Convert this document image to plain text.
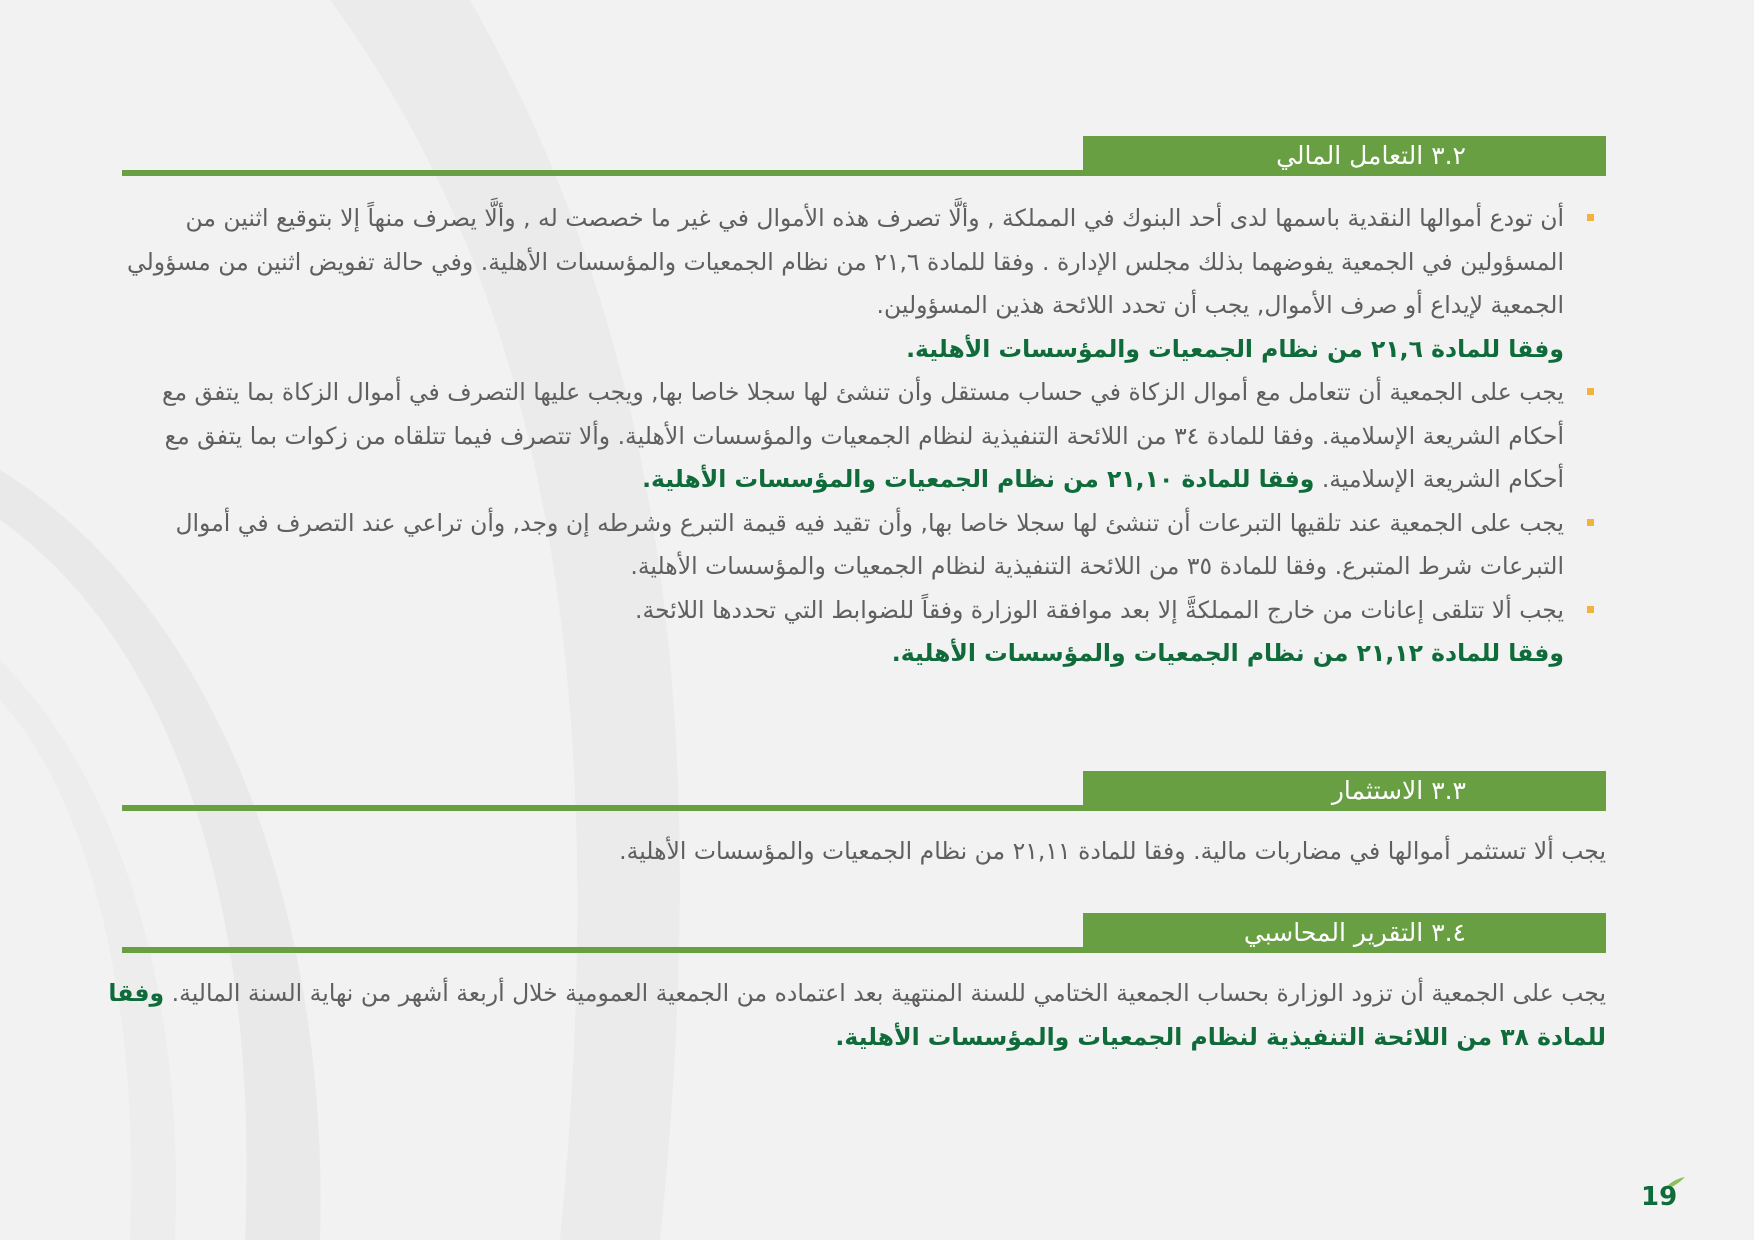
٣.٢ التعامل المالي
أن تودع أموالها النقدية باسمها لدى أحد البنوك في المملكة , وألَّا تصرف هذه الأموال في غير ما خصصت له , وألَّا يصرف منهاً إلا بتوقيع اثنين من المسؤولين في الجمعية يفوضهما بذلك مجلس الإدارة . وفقا للمادة ٢١,٦ من نظام الجمعيات والمؤسسات الأهلية. وفي حالة تفويض اثنين من مسؤولي الجمعية لإيداع أو صرف الأموال, يجب أن تحدد اللائحة هذين المسؤولين.
وفقا للمادة ٢١,٦ من نظام الجمعيات والمؤسسات الأهلية.
يجب على الجمعية أن تتعامل مع أموال الزكاة في حساب مستقل وأن تنشئ لها سجلا خاصا بها, ويجب عليها التصرف في أموال الزكاة بما يتفق مع أحكام الشريعة الإسلامية. وفقا للمادة ٣٤ من اللائحة التنفيذية لنظام الجمعيات والمؤسسات الأهلية. وألا تتصرف فيما تتلقاه من زكوات بما يتفق مع أحكام الشريعة الإسلامية. وفقا للمادة ٢١,١٠ من نظام الجمعيات والمؤسسات الأهلية.
يجب على الجمعية عند تلقيها التبرعات أن تنشئ لها سجلا خاصا بها, وأن تقيد فيه قيمة التبرع وشرطه إن وجد, وأن تراعي عند التصرف في أموال التبرعات شرط المتبرع. وفقا للمادة ٣٥ من اللائحة التنفيذية لنظام الجمعيات والمؤسسات الأهلية.
يجب ألا تتلقى إعانات من خارج المملكةَّ إلا بعد موافقة الوزارة وفقاً للضوابط التي تحددها اللائحة.
وفقا للمادة ٢١,١٢ من نظام الجمعيات والمؤسسات الأهلية.
٣.٣ الاستثمار

يجب ألا تستثمر أموالها في مضاربات مالية. وفقا للمادة ٢١,١١ من نظام الجمعيات والمؤسسات الأهلية.

٣.٤ التقرير المحاسبي

يجب على الجمعية أن تزود الوزارة بحساب الجمعية الختامي للسنة المنتهية بعد اعتماده من الجمعية العمومية خلال أربعة أشهر من نهاية السنة المالية. وفقا للمادة ٣٨ من اللائحة التنفيذية لنظام الجمعيات والمؤسسات الأهلية.

19
